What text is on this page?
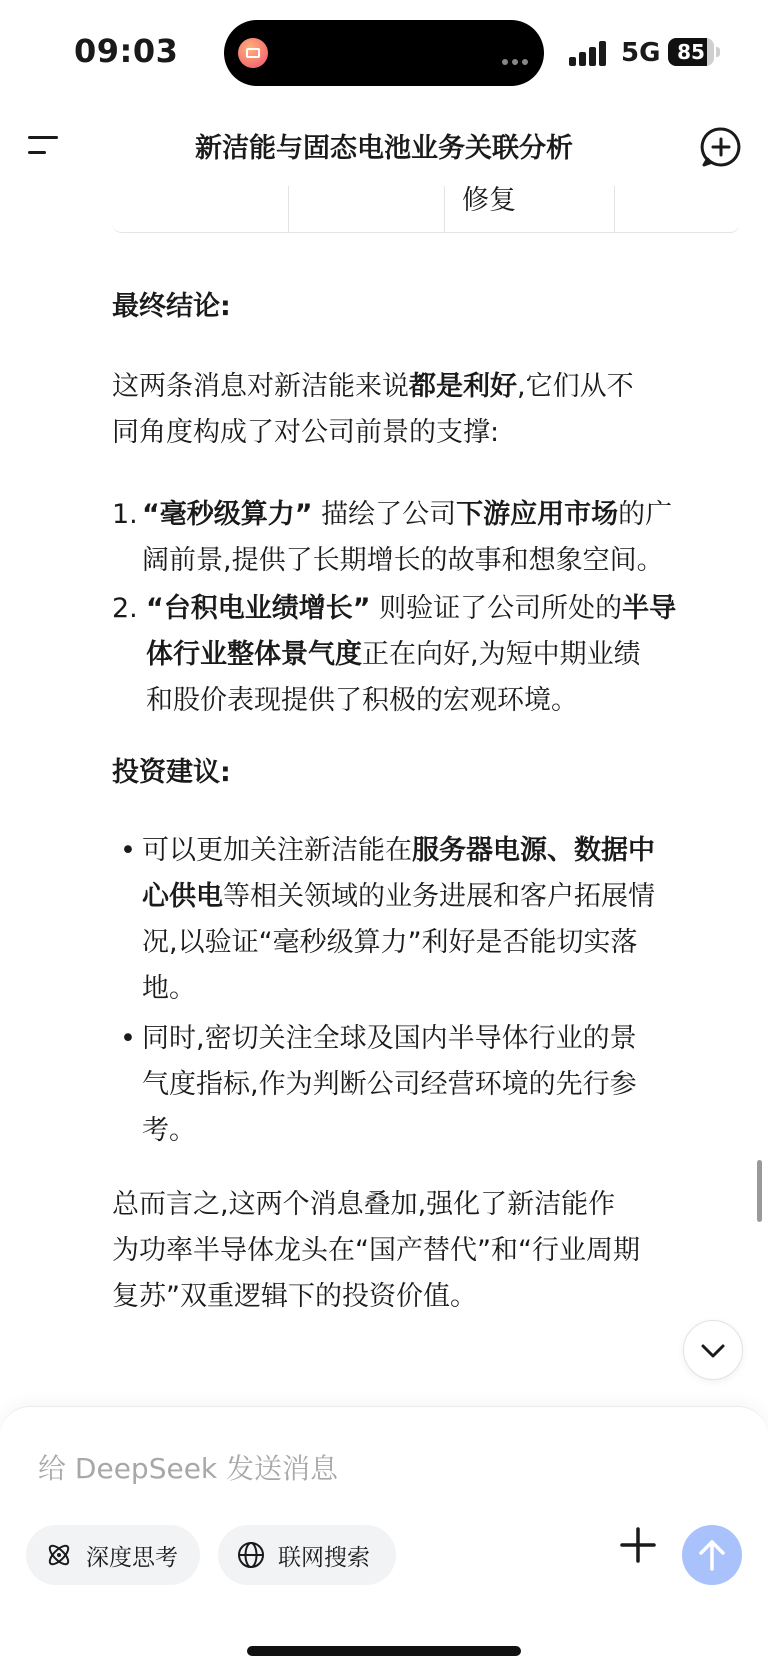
09:03	5G 85
新洁能与固态电池业务关联分析
修复

最终结论:

这两条消息对新洁能来说都是利好,它们从不
同角度构成了对公司前景的支撑:
1. “毫秒级算力” 描绘了公司下游应用市场的广
阔前景,提供了长期增长的故事和想象空间。
2. “台积电业绩增长” 则验证了公司所处的半导
体行业整体景气度正在向好,为短中期业绩
和股价表现提供了积极的宏观环境。

投资建议:

• 可以更加关注新洁能在服务器电源、数据中
心供电等相关领域的业务进展和客户拓展情
况,以验证“毫秒级算力”利好是否能切实落
地。
• 同时,密切关注全球及国内半导体行业的景
气度指标,作为判断公司经营环境的先行参
考。
总而言之,这两个消息叠加,强化了新洁能作
为功率半导体龙头在“国产替代”和“行业周期
复苏”双重逻辑下的投资价值。
给 DeepSeek 发送消息
深度思考	联网搜索
